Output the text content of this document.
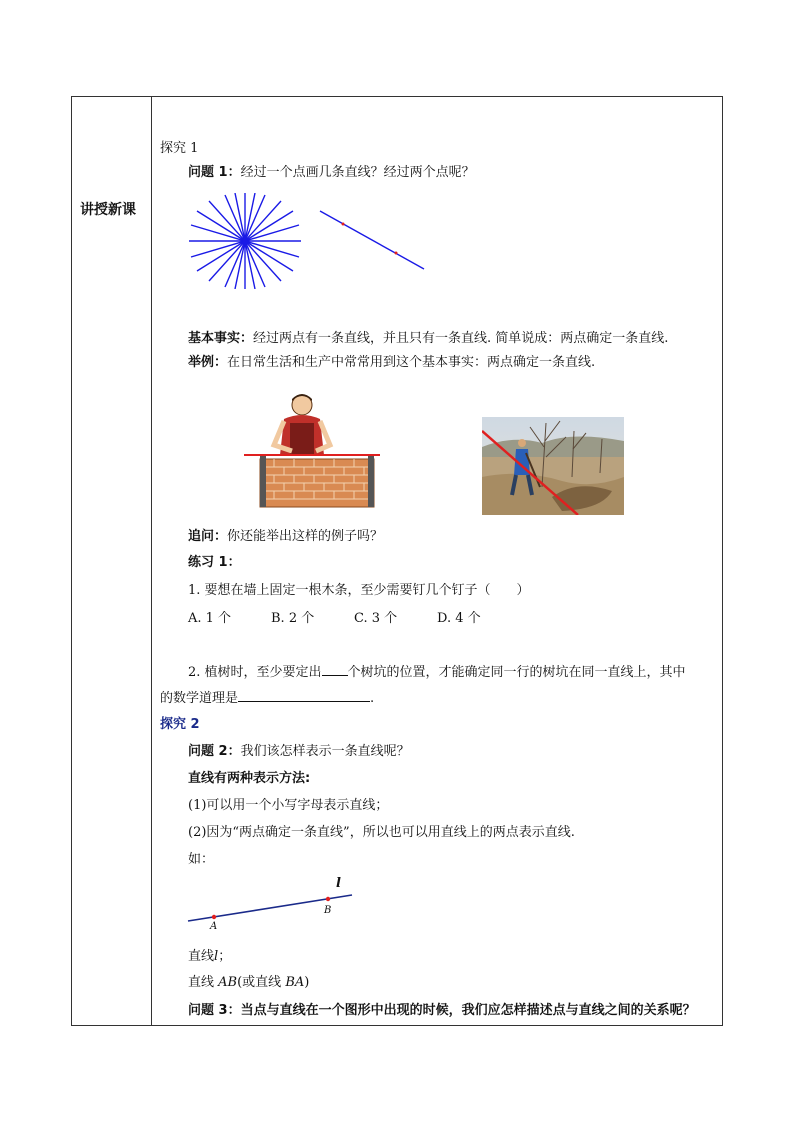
讲授新课
探究 1
问题 1：经过一个点画几条直线？经过两个点呢？
基本事实：经过两点有一条直线，并且只有一条直线. 简单说成：两点确定一条直线.
举例：在日常生活和生产中常常用到这个基本事实：两点确定一条直线.
追问：你还能举出这样的例子吗？
练习 1：
1. 要想在墙上固定一根木条，至少需要钉几个钉子（　　）
A. 1 个	B. 2 个	C. 3 个	D. 4 个
2. 植树时，至少要定出 个树坑的位置，才能确定同一行的树坑在同一直线上，其中
的数学道理是	.
探究 2
问题 2：我们该怎样表示一条直线呢？
直线有两种表示方法:
(1)可以用一个小写字母表示直线；
(2)因为“两点确定一条直线”，所以也可以用直线上的两点表示直线.
如：
l
A
B
直线l；
直线 AB(或直线 BA)
问题 3：当点与直线在一个图形中出现的时候，我们应怎样描述点与直线之间的关系呢？
